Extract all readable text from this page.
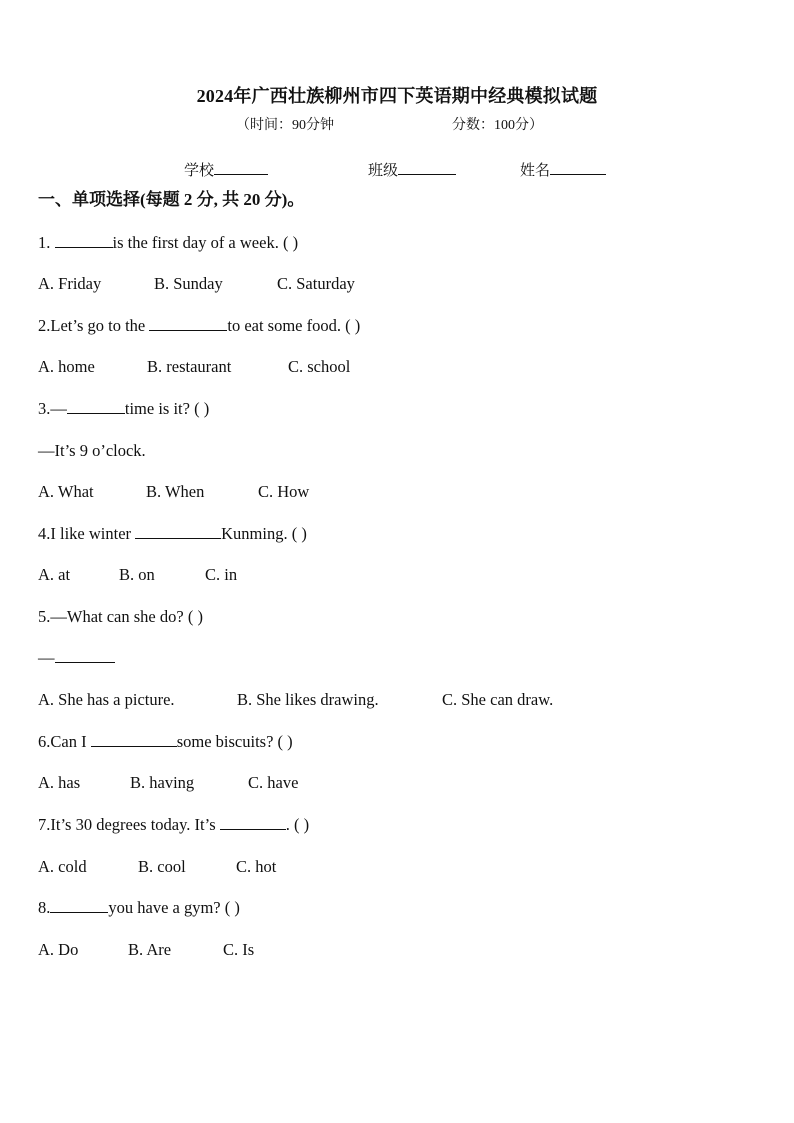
2024年广西壮族柳州市四下英语期中经典模拟试题
（时间：90分钟	分数：100分）
学校	班级	姓名
一、单项选择(每题 2 分, 共 20 分)。
1.	is the first day of a week. ( )
A. Friday	B. Sunday	C. Saturday
2.Let’s go to the	to eat some food. ( )
A. home	B. restaurant	C. school
3.—	time is it? ( )
—It’s 9 o’clock.
A. What	B. When	C. How
4.I like winter	Kunming. ( )
A. at	B. on	C. in
5.—What can she do? ( )
—
A. She has a picture.	B. She likes drawing.	C. She can draw.
6.Can I	some biscuits? ( )
A. has	B. having	C. have
7.It’s 30 degrees today. It’s	. ( )
A. cold	B. cool	C. hot
8.	you have a gym? ( )
A. Do	B. Are	C. Is
